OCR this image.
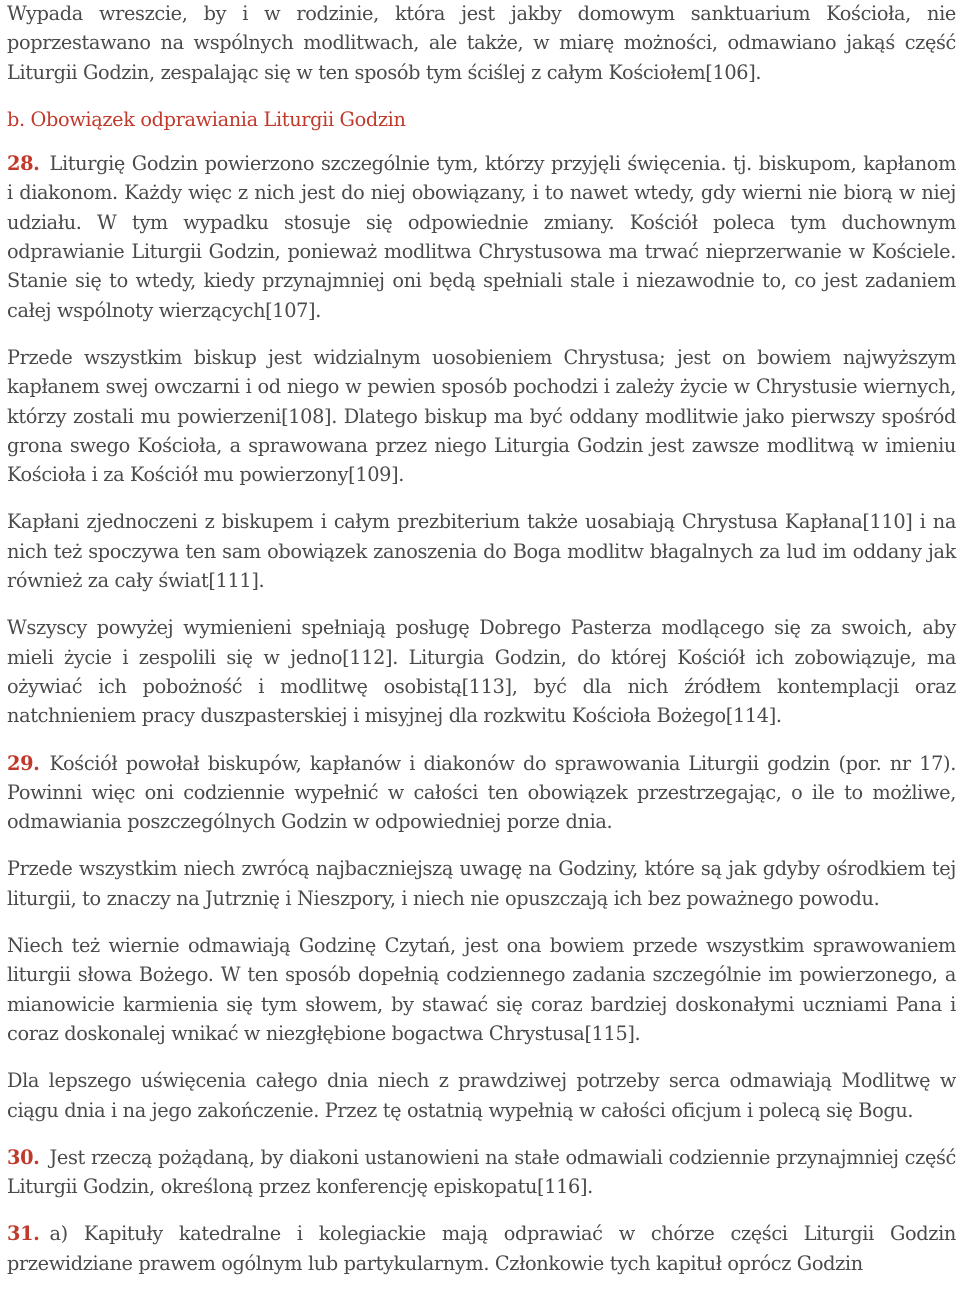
Wypada wreszcie, by i w rodzinie, która jest jakby domowym sanktuarium Kościoła, nie poprzestawano na wspólnych modlitwach, ale także, w miarę możności, odmawiano jakąś część Liturgii Godzin, zespalając się w ten sposób tym ściślej z całym Kościołem[106].

b. Obowiązek odprawiania Liturgii Godzin

28. Liturgię Godzin powierzono szczególnie tym, którzy przyjęli święcenia. tj. biskupom, kapłanom i diakonom. Każdy więc z nich jest do niej obowiązany, i to nawet wtedy, gdy wierni nie biorą w niej udziału. W tym wypadku stosuje się odpowiednie zmiany. Kościół poleca tym duchownym odprawianie Liturgii Godzin, ponieważ modlitwa Chrystusowa ma trwać nieprzerwanie w Kościele. Stanie się to wtedy, kiedy przynajmniej oni będą spełniali stale i niezawodnie to, co jest zadaniem całej wspólnoty wierzących[107].

Przede wszystkim biskup jest widzialnym uosobieniem Chrystusa; jest on bowiem najwyższym kapłanem swej owczarni i od niego w pewien sposób pochodzi i zależy życie w Chrystusie wiernych, którzy zostali mu powierzeni[108]. Dlatego biskup ma być oddany modlitwie jako pierwszy spośród grona swego Kościoła, a sprawowana przez niego Liturgia Godzin jest zawsze modlitwą w imieniu Kościoła i za Kościół mu powierzony[109].

Kapłani zjednoczeni z biskupem i całym prezbiterium także uosabiają Chrystusa Kapłana[110] i na nich też spoczywa ten sam obowiązek zanoszenia do Boga modlitw błagalnych za lud im oddany jak również za cały świat[111].

Wszyscy powyżej wymienieni spełniają posługę Dobrego Pasterza modlącego się za swoich, aby mieli życie i zespolili się w jedno[112]. Liturgia Godzin, do której Kościół ich zobowiązuje, ma ożywiać ich pobożność i modlitwę osobistą[113], być dla nich źródłem kontemplacji oraz natchnieniem pracy duszpasterskiej i misyjnej dla rozkwitu Kościoła Bożego[114].

29. Kościół powołał biskupów, kapłanów i diakonów do sprawowania Liturgii godzin (por. nr 17). Powinni więc oni codziennie wypełnić w całości ten obowiązek przestrzegając, o ile to możliwe, odmawiania poszczególnych Godzin w odpowiedniej porze dnia.

Przede wszystkim niech zwrócą najbaczniejszą uwagę na Godziny, które są jak gdyby ośrodkiem tej liturgii, to znaczy na Jutrznię i Nieszpory, i niech nie opuszczają ich bez poważnego powodu.

Niech też wiernie odmawiają Godzinę Czytań, jest ona bowiem przede wszystkim sprawowaniem liturgii słowa Bożego. W ten sposób dopełnią codziennego zadania szczególnie im powierzonego, a mianowicie karmienia się tym słowem, by stawać się coraz bardziej doskonałymi uczniami Pana i coraz doskonalej wnikać w niezgłębione bogactwa Chrystusa[115].

Dla lepszego uświęcenia całego dnia niech z prawdziwej potrzeby serca odmawiają Modlitwę w ciągu dnia i na jego zakończenie. Przez tę ostatnią wypełnią w całości oficjum i polecą się Bogu.

30. Jest rzeczą pożądaną, by diakoni ustanowieni na stałe odmawiali codziennie przynajmniej część Liturgii Godzin, określoną przez konferencję episkopatu[116].

31. a) Kapituły katedralne i kolegiackie mają odprawiać w chórze części Liturgii Godzin przewidziane prawem ogólnym lub partykularnym. Członkowie tych kapituł oprócz Godzin
